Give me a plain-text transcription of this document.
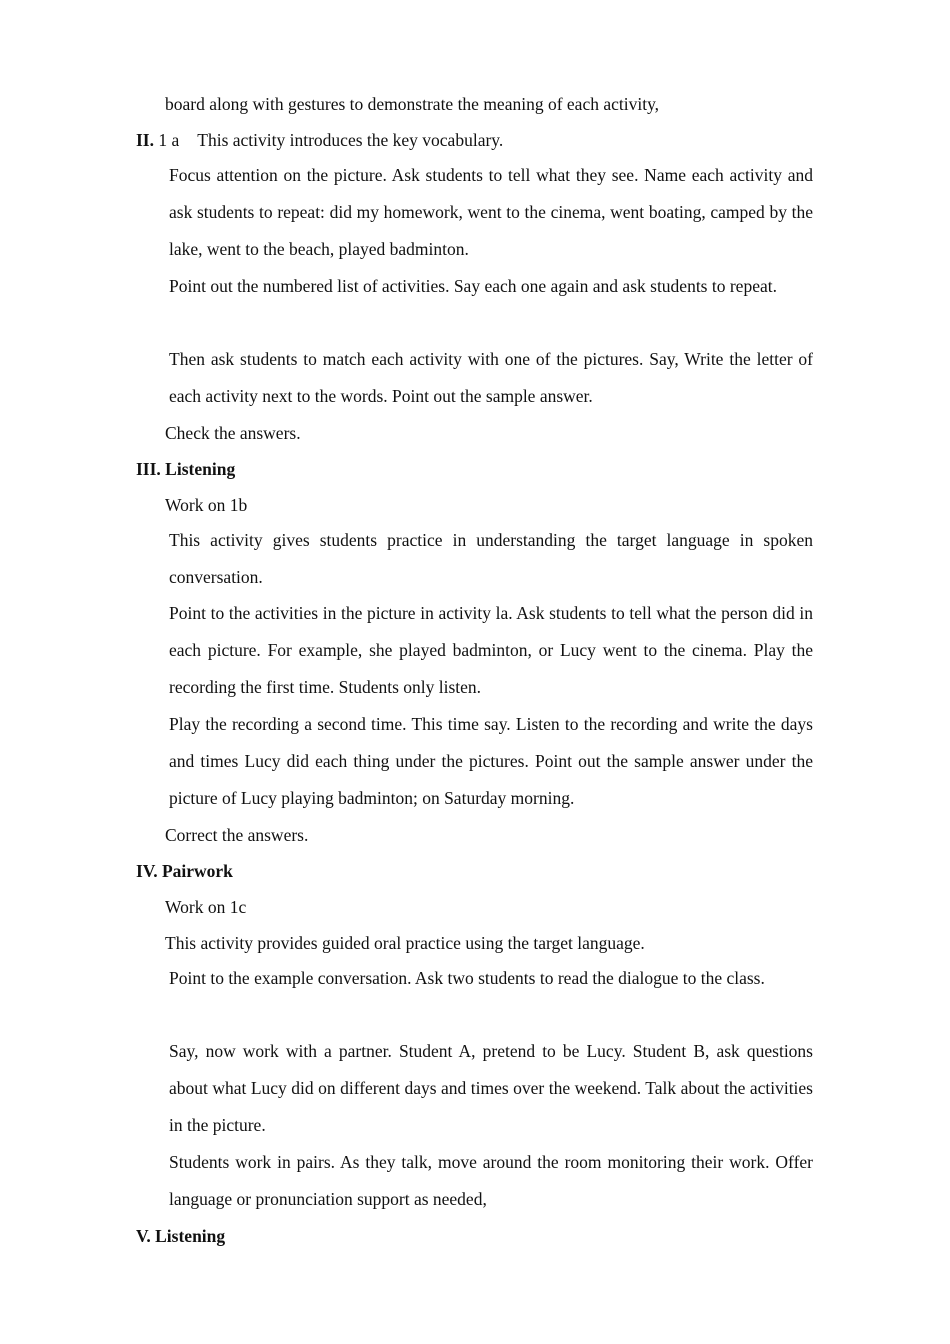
board along with gestures to demonstrate the meaning of each activity,
II. 1 a This activity introduces the key vocabulary.
Focus attention on the picture. Ask students to tell what they see. Name each activity and ask students to repeat: did my homework, went to the cinema, went boating, camped by the lake, went to the beach, played badminton.
Point out the numbered list of activities. Say each one again and ask students to repeat.
Then ask students to match each activity with one of the pictures. Say, Write the letter of each activity next to the words. Point out the sample answer.
Check the answers.
III. Listening
Work on 1b
This activity gives students practice in understanding the target language in spoken conversation.
Point to the activities in the picture in activity la. Ask students to tell what the person did in each picture. For example, she played badminton, or Lucy went to the cinema. Play the recording the first time. Students only listen.
Play the recording a second time. This time say. Listen to the recording and write the days and times Lucy did each thing under the pictures. Point out the sample answer under the picture of Lucy playing badminton; on Saturday morning.
Correct the answers.
IV. Pairwork
Work on 1c
This activity provides guided oral practice using the target language.
Point to the example conversation. Ask two students to read the dialogue to the class.
Say, now work with a partner. Student A, pretend to be Lucy. Student B, ask questions about what Lucy did on different days and times over the weekend. Talk about the activities in the picture.
Students work in pairs. As they talk, move around the room monitoring their work. Offer language or pronunciation support as needed,
V. Listening
